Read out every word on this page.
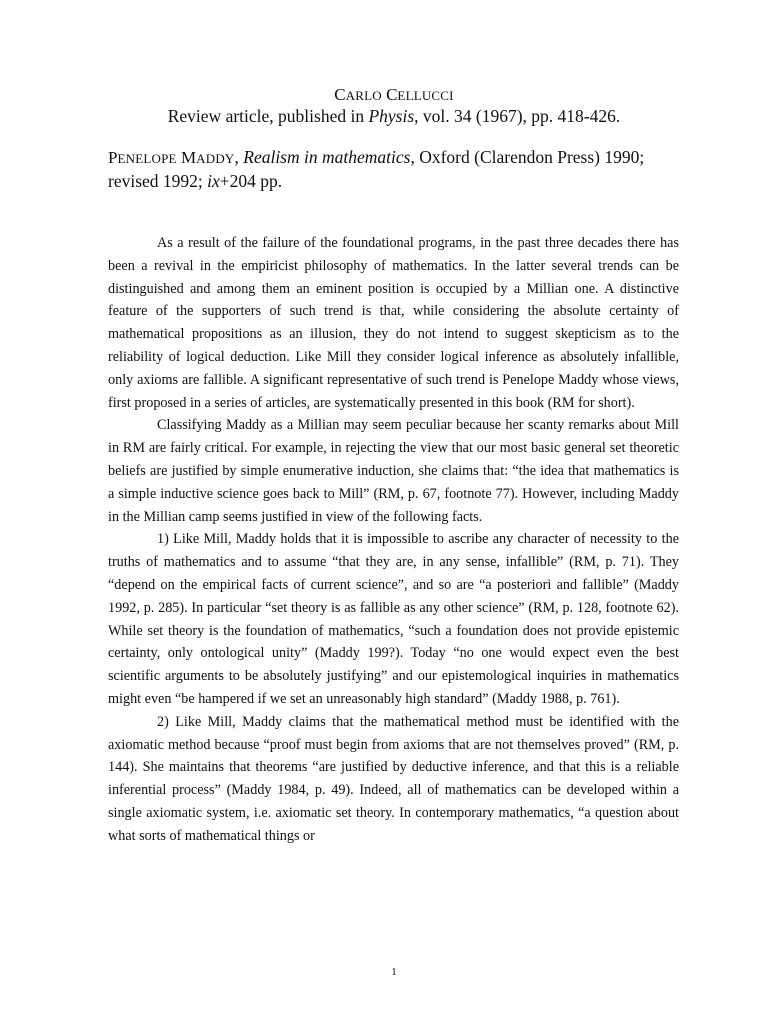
CARLO CELLUCCI
Review article, published in Physis, vol. 34 (1967), pp. 418-426.
PENELOPE MADDY, Realism in mathematics, Oxford (Clarendon Press) 1990; revised 1992; ix+204 pp.

As a result of the failure of the foundational programs, in the past three decades there has been a revival in the empiricist philosophy of mathematics. In the latter several trends can be distinguished and among them an eminent position is occupied by a Millian one. A distinctive feature of the supporters of such trend is that, while considering the absolute certainty of mathematical propositions as an illusion, they do not intend to suggest skepticism as to the reliability of logical deduction. Like Mill they consider logical inference as absolutely infallible, only axioms are fallible. A significant representative of such trend is Penelope Maddy whose views, first proposed in a series of articles, are systematically presented in this book (RM for short).

Classifying Maddy as a Millian may seem peculiar because her scanty remarks about Mill in RM are fairly critical. For example, in rejecting the view that our most basic general set theoretic beliefs are justified by simple enumerative induction, she claims that: “the idea that mathematics is a simple inductive science goes back to Mill” (RM, p. 67, footnote 77). However, including Maddy in the Millian camp seems justified in view of the following facts.

1) Like Mill, Maddy holds that it is impossible to ascribe any character of necessity to the truths of mathematics and to assume “that they are, in any sense, infallible” (RM, p. 71). They “depend on the empirical facts of current science”, and so are “a posteriori and fallible” (Maddy 1992, p. 285). In particular “set theory is as fallible as any other science” (RM, p. 128, footnote 62). While set theory is the foundation of mathematics, “such a foundation does not provide epistemic certainty, only ontological unity” (Maddy 199?). Today “no one would expect even the best scientific arguments to be absolutely justifying” and our epistemological inquiries in mathematics might even “be hampered if we set an unreasonably high standard” (Maddy 1988, p. 761).

2) Like Mill, Maddy claims that the mathematical method must be identified with the axiomatic method because “proof must begin from axioms that are not themselves proved” (RM, p. 144). She maintains that theorems “are justified by deductive inference, and that this is a reliable inferential process” (Maddy 1984, p. 49). Indeed, all of mathematics can be developed within a single axiomatic system, i.e. axiomatic set theory. In contemporary mathematics, “a question about what sorts of mathematical things or

1
